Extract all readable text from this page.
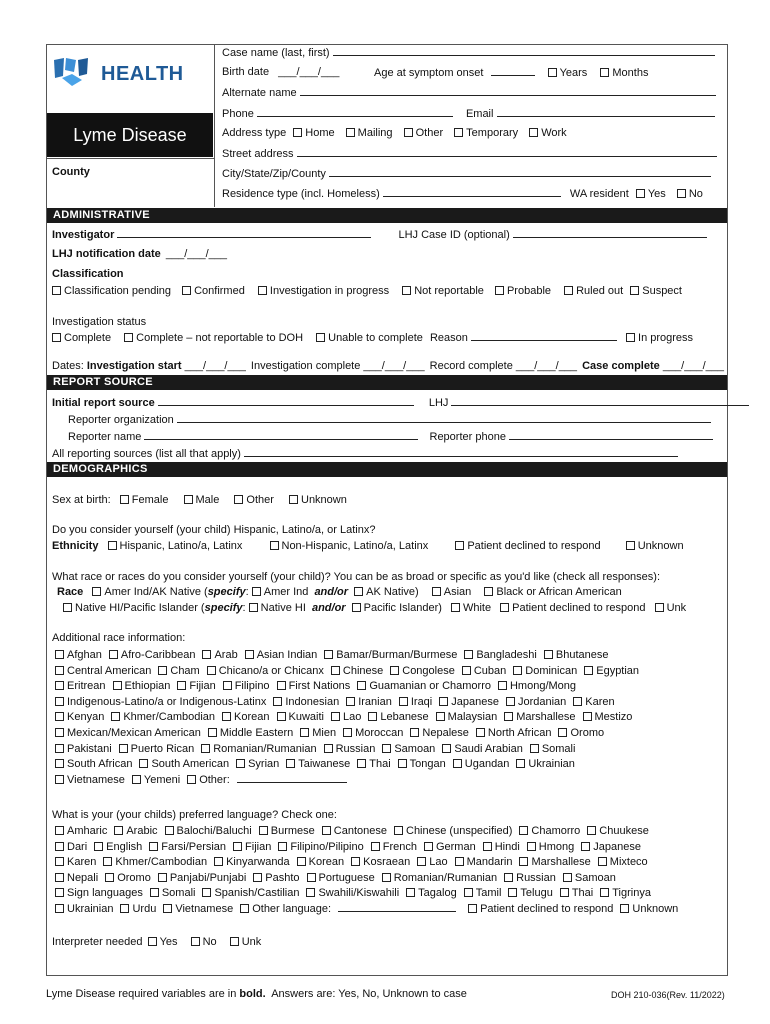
HEALTH
Lyme Disease
County
Case name (last, first)
Birth date ___/___/___	Age at symptom onset	Years Months
Alternate name
Phone	Email
Address type Home Mailing Other Temporary Work
Street address
City/State/Zip/County
Residence type (incl. Homeless)	WA resident Yes No
ADMINISTRATIVE
Investigator	LHJ Case ID (optional)
LHJ notification date ___/___/___
Classification
Classification pending Confirmed Investigation in progress Not reportable Probable Ruled out Suspect
Investigation status
Complete Complete – not reportable to DOH Unable to complete Reason	In progress
Dates: Investigation start ___/___/___ Investigation complete ___/___/___ Record complete ___/___/___ Case complete ___/___/___
REPORT SOURCE
Initial report source	LHJ
Reporter organization
Reporter name	Reporter phone
All reporting sources (list all that apply)
DEMOGRAPHICS
Sex at birth: Female Male Other Unknown
Do you consider yourself (your child) Hispanic, Latino/a, or Latinx?
Ethnicity Hispanic, Latino/a, Latinx	Non-Hispanic, Latino/a, Latinx	Patient declined to respond	Unknown
What race or races do you consider yourself (your child)? You can be as broad or specific as you'd like (check all responses):
Race Amer Ind/AK Native (specify: Amer Ind and/or AK Native) Asian Black or African American
Native HI/Pacific Islander (specify: Native HI and/or Pacific Islander) White Patient declined to respond Unk
Additional race information:
Afghan Afro-Caribbean Arab Asian Indian Bamar/Burman/Burmese Bangladeshi Bhutanese
Central American Cham Chicano/a or Chicanx Chinese Congolese Cuban Dominican Egyptian
Eritrean Ethiopian Fijian Filipino First Nations Guamanian or Chamorro Hmong/Mong
Indigenous-Latino/a or Indigenous-Latinx Indonesian Iranian Iraqi Japanese Jordanian Karen
Kenyan Khmer/Cambodian Korean Kuwaiti Lao Lebanese Malaysian Marshallese Mestizo
Mexican/Mexican American Middle Eastern Mien Moroccan Nepalese North African Oromo
Pakistani Puerto Rican Romanian/Rumanian Russian Samoan Saudi Arabian Somali
South African South American Syrian Taiwanese Thai Tongan Ugandan Ukrainian
Vietnamese Yemeni Other:
What is your (your childs) preferred language? Check one:
Amharic Arabic Balochi/Baluchi Burmese Cantonese Chinese (unspecified) Chamorro Chuukese
Dari English Farsi/Persian Fijian Filipino/Pilipino French German Hindi Hmong Japanese
Karen Khmer/Cambodian Kinyarwanda Korean Kosraean Lao Mandarin Marshallese Mixteco
Nepali Oromo Panjabi/Punjabi Pashto Portuguese Romanian/Rumanian Russian Samoan
Sign languages Somali Spanish/Castilian Swahili/Kiswahili Tagalog Tamil Telugu Thai Tigrinya
Ukrainian Urdu Vietnamese Other language:	Patient declined to respond Unknown
Interpreter needed Yes No Unk
Lyme Disease required variables are in bold.  Answers are: Yes, No, Unknown to case	DOH 210-036(Rev. 11/2022)
